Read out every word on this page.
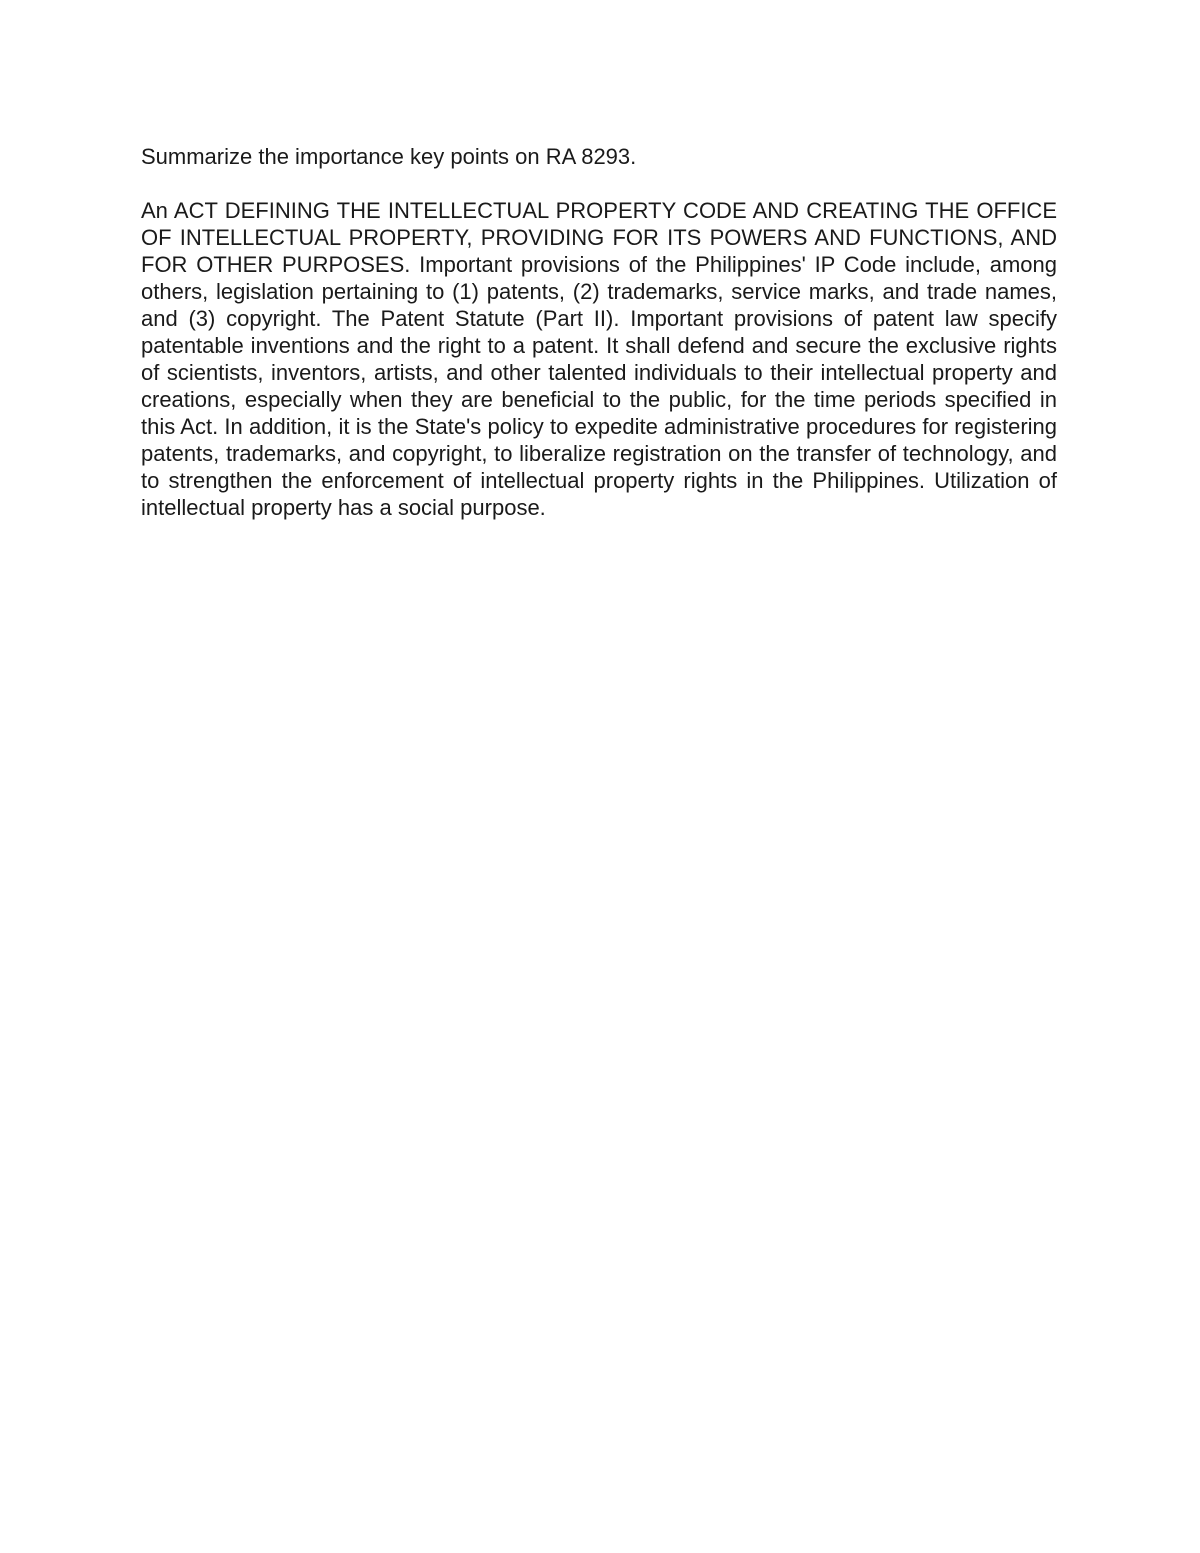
Summarize the importance key points on RA 8293.

An ACT DEFINING THE INTELLECTUAL PROPERTY CODE AND CREATING THE OFFICE OF INTELLECTUAL PROPERTY, PROVIDING FOR ITS POWERS AND FUNCTIONS, AND FOR OTHER PURPOSES. Important provisions of the Philippines' IP Code include, among others, legislation pertaining to (1) patents, (2) trademarks, service marks, and trade names, and (3) copyright. The Patent Statute (Part II). Important provisions of patent law specify patentable inventions and the right to a patent. It shall defend and secure the exclusive rights of scientists, inventors, artists, and other talented individuals to their intellectual property and creations, especially when they are beneficial to the public, for the time periods specified in this Act. In addition, it is the State's policy to expedite administrative procedures for registering patents, trademarks, and copyright, to liberalize registration on the transfer of technology, and to strengthen the enforcement of intellectual property rights in the Philippines. Utilization of intellectual property has a social purpose.
